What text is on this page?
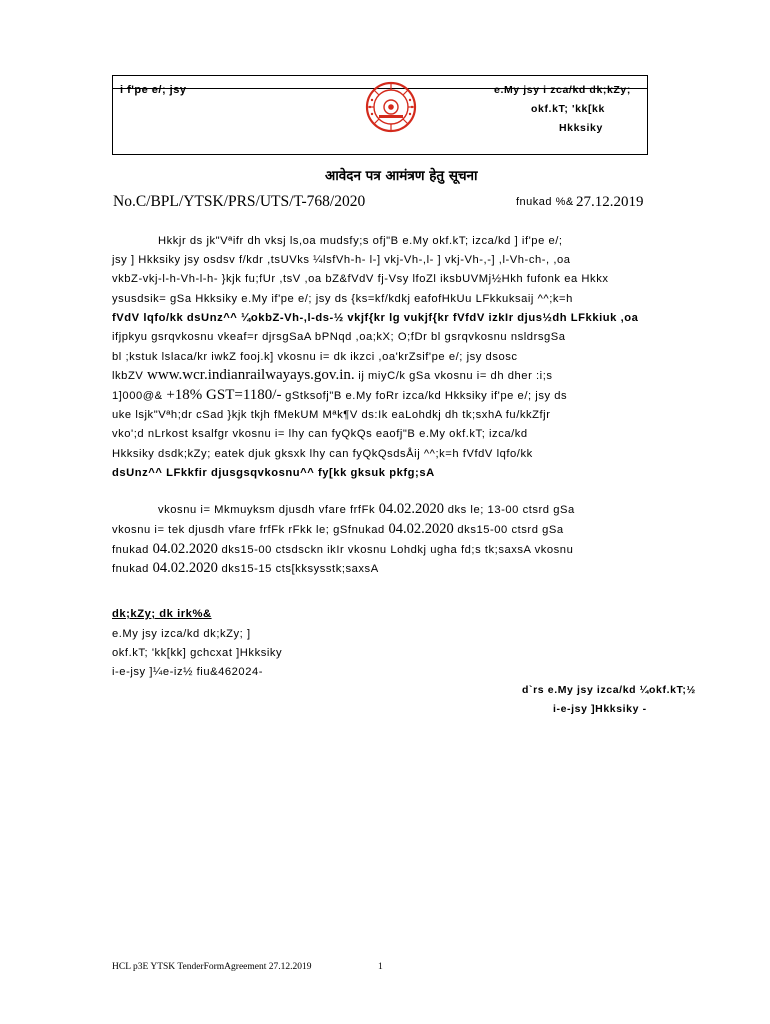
i f'pe e/; jsy	e.My jsy i zca/kd dk;kZy;
okf.kT; 'kk[kk
Hkksiky
आवेदन पत्र आमंत्रण हेतु सूचना
No.C/BPL/YTSK/PRS/UTS/T-768/2020	fnukad %& 27.12.2019
Hkkjr ds jk"Vªifr dh vksj ls,oa mudsfy;s ofj"B e.My okf.kT; izca/kd ] if'pe e/;
jsy ] Hkksiky jsy osdsv f/kdr ,tsUVks ¼lsfVh-h- l-] vkj-Vh-,l- ] vkj-Vh-,-] ,l-Vh-ch-, ,oa
vkbZ-vkj-l-h-Vh-l-h- }kjk fu;fUr ,tsV ,oa bZ&fVdV fj-Vsy lfoZl iksbUVMj½Hkh fufonk ea Hkkx
ysusdsik= gSa Hkksiky e.My if'pe e/; jsy ds {ks=kf/kdkj eafofHkUu LFkkuksaij ^^;k=h
fVdV lqfo/kk dsUnz^^ ¼okbZ-Vh-,l-ds-½ vkjf{kr lg vukjf{kr fVfdV izkIr djus½dh LFkkiuk ,oa
ifjpkyu gsrqvkosnu vkeaf=r djrsgSaA bPNqd ,oa;kX; O;fDr bl gsrqvkosnu nsldrsgSa
bl ;kstuk lslaca/kr iwkZ fooj.k] vkosnu i= dk ikzci ,oa'krZsif'pe e/; jsy dsosc
lkbZV www.wcr.indianrailwayays.gov.in. ij miyC/k gSa vkosnu i= dh dher :i;s
1]000@& +18% GST=1180/- gStksofj"B e.My foRr izca/kd Hkksiky if'pe e/; jsy ds
uke lsjk"Vªh;dr cSad }kjk tkjh fMekUM Mªk¶V ds:Ik eaLohdkj dh tk;sxhA fu/kkZfjr
vko';d nLrkost ksalfgr vkosnu i= lhy can fyQkQs eaofj"B e.My okf.kT; izca/kd
Hkksiky dsdk;kZy; eatek djuk gksxk lhy can fyQkQsdsÅij ^^;k=h fVfdV lqfo/kk
dsUnz^^ LFkkfir djusgsqvkosnu^^ fy[kk gksuk pkfg;sA
vkosnu i= Mkmuyksm djusdh vfare frfFk 04.02.2020 dks le; 13-00 ctsrd gSa
vkosnu i= tek djusdh vfare frfFk rFkk le; gSfnukad 04.02.2020 dks15-00 ctsrd gSa
fnukad 04.02.2020 dks15-00 ctsdsckn ikIr vkosnu Lohdkj ugha fd;s tk;saxsA vkosnu
fnukad 04.02.2020 dks15-15 cts[kksysstk;saxsA
dk;kZy; dk irk%&
e.My jsy izca/kd dk;kZy; ]
okf.kT; 'kk[kk] gchcxat ]Hkksiky
i-e-jsy ]¼e-iz½ fiu&462024-
d`rs e.My jsy izca/kd ¼okf.kT;½
i-e-jsy ]Hkksiky -
HCL p3E YTSK TenderFormAgreement 27.12.2019	1
